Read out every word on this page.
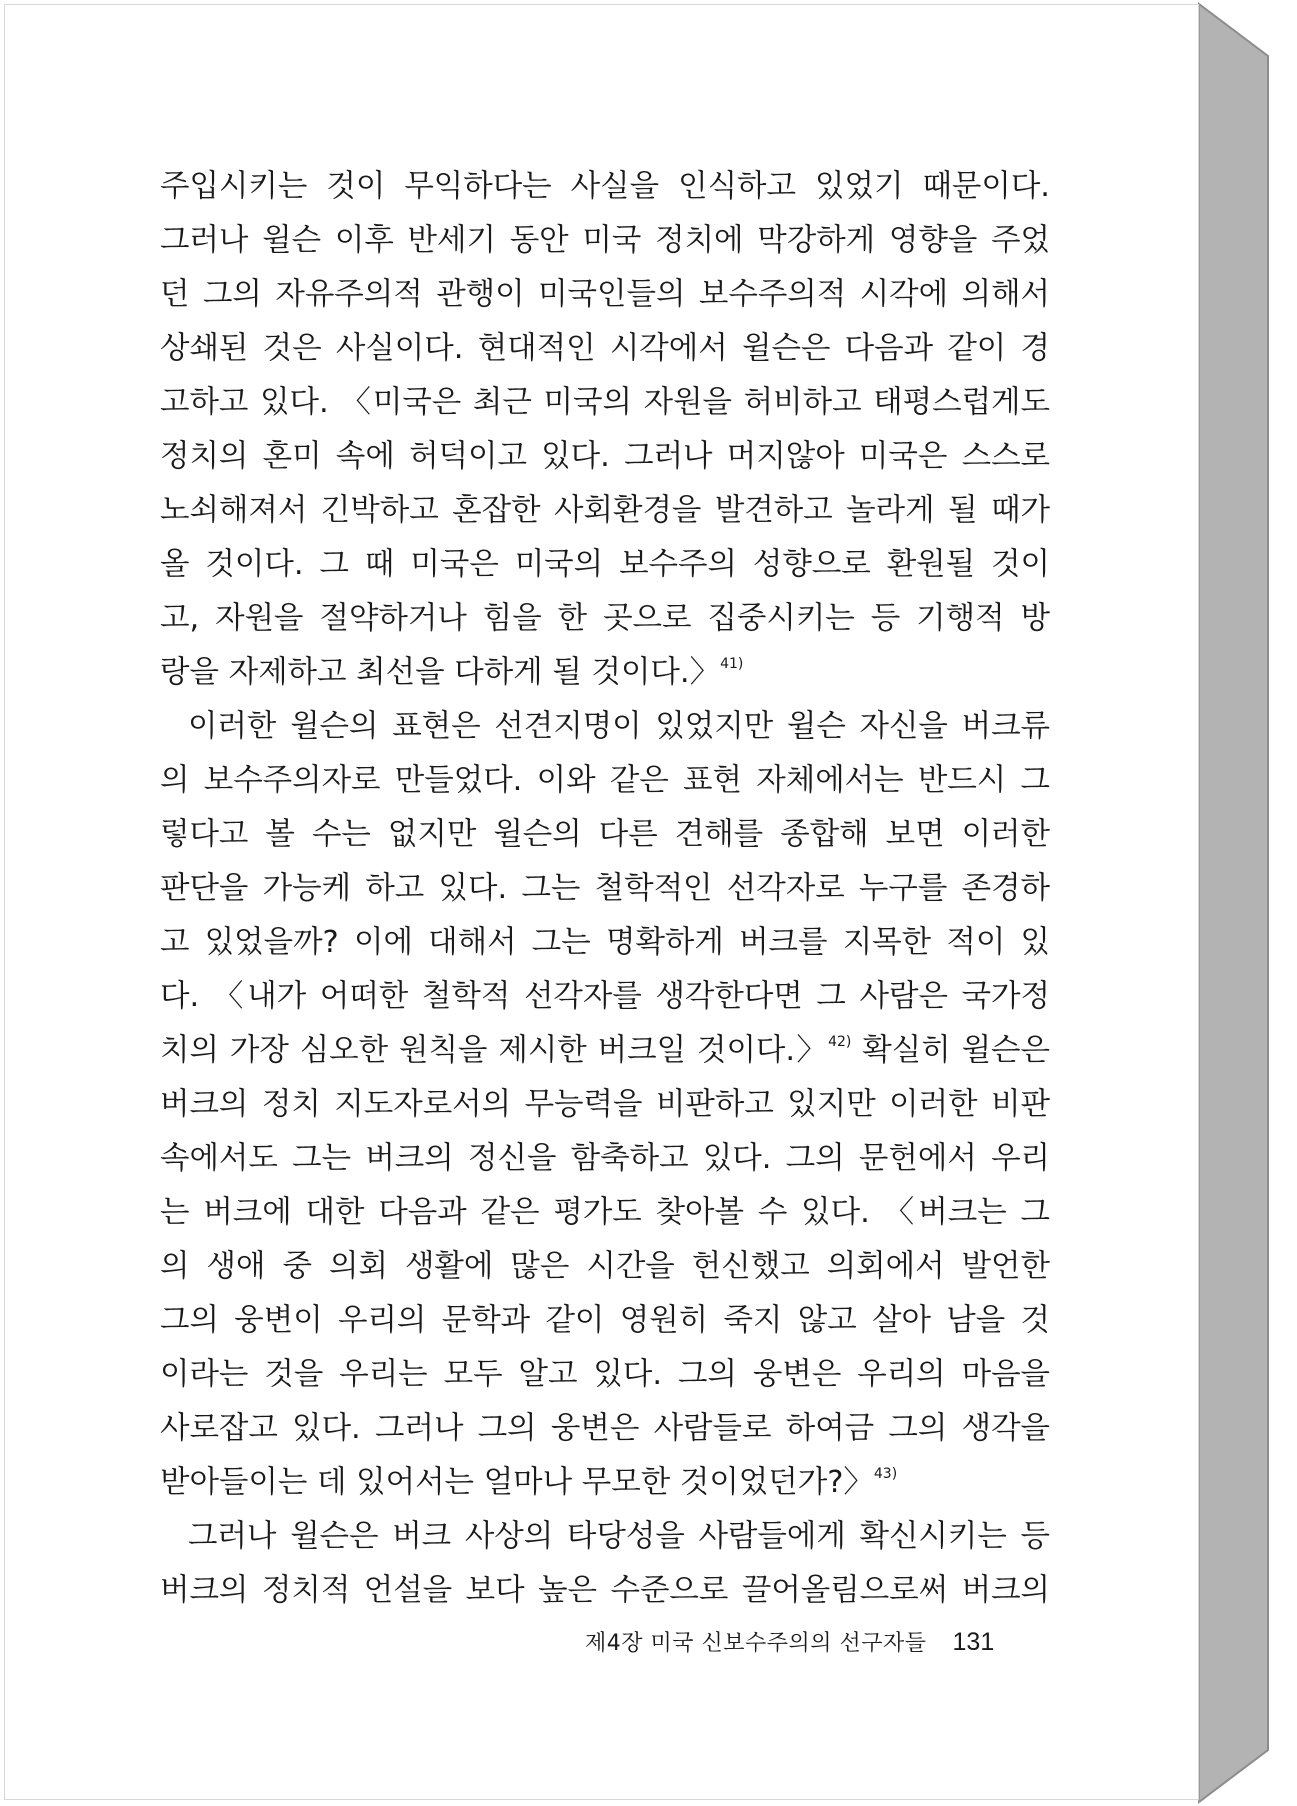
주입시키는 것이 무익하다는 사실을 인식하고 있었기 때문이다.
그러나 윌슨 이후 반세기 동안 미국 정치에 막강하게 영향을 주었
던 그의 자유주의적 관행이 미국인들의 보수주의적 시각에 의해서
상쇄된 것은 사실이다. 현대적인 시각에서 윌슨은 다음과 같이 경
고하고 있다. 〈미국은 최근 미국의 자원을 허비하고 태평스럽게도
정치의 혼미 속에 허덕이고 있다. 그러나 머지않아 미국은 스스로
노쇠해져서 긴박하고 혼잡한 사회환경을 발견하고 놀라게 될 때가
올 것이다. 그 때 미국은 미국의 보수주의 성향으로 환원될 것이
고, 자원을 절약하거나 힘을 한 곳으로 집중시키는 등 기행적 방
랑을 자제하고 최선을 다하게 될 것이다.〉$^{41)}$
이러한 윌슨의 표현은 선견지명이 있었지만 윌슨 자신을 버크류
의 보수주의자로 만들었다. 이와 같은 표현 자체에서는 반드시 그
렇다고 볼 수는 없지만 윌슨의 다른 견해를 종합해 보면 이러한
판단을 가능케 하고 있다. 그는 철학적인 선각자로 누구를 존경하
고 있었을까? 이에 대해서 그는 명확하게 버크를 지목한 적이 있
다. 〈내가 어떠한 철학적 선각자를 생각한다면 그 사람은 국가정
치의 가장 심오한 원칙을 제시한 버크일 것이다.〉$^{42)}$ 확실히 윌슨은
버크의 정치 지도자로서의 무능력을 비판하고 있지만 이러한 비판
속에서도 그는 버크의 정신을 함축하고 있다. 그의 문헌에서 우리
는 버크에 대한 다음과 같은 평가도 찾아볼 수 있다. 〈버크는 그
의 생애 중 의회 생활에 많은 시간을 헌신했고 의회에서 발언한
그의 웅변이 우리의 문학과 같이 영원히 죽지 않고 살아 남을 것
이라는 것을 우리는 모두 알고 있다. 그의 웅변은 우리의 마음을
사로잡고 있다. 그러나 그의 웅변은 사람들로 하여금 그의 생각을
받아들이는 데 있어서는 얼마나 무모한 것이었던가?〉$^{43)}$
그러나 윌슨은 버크 사상의 타당성을 사람들에게 확신시키는 등
버크의 정치적 언설을 보다 높은 수준으로 끌어올림으로써 버크의
제4장 미국 신보수주의의 선구자들 131
